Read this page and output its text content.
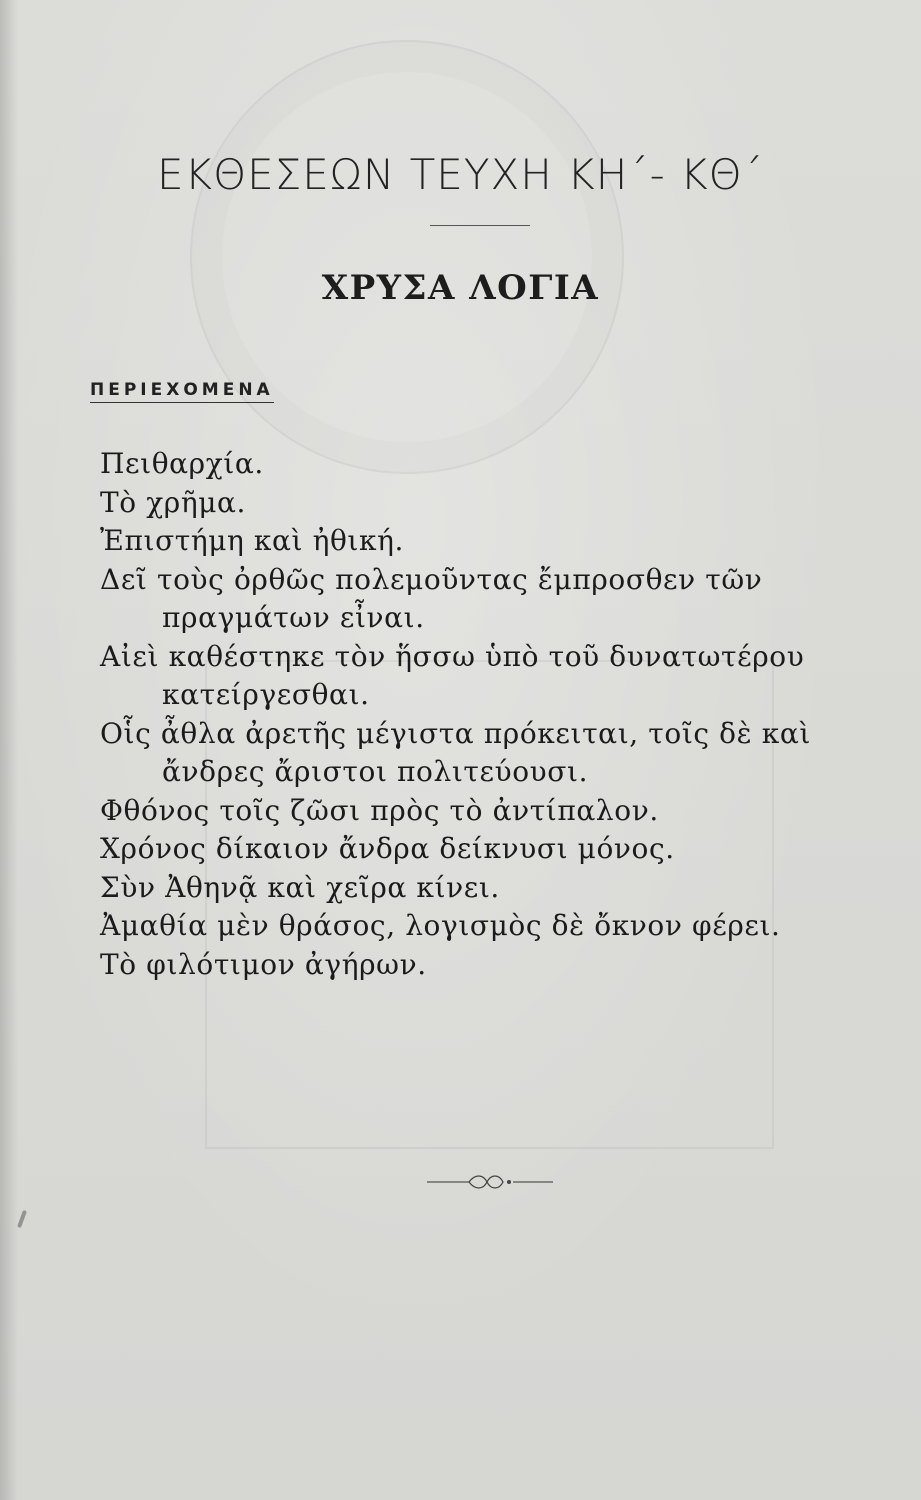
ΕΚΘΕΣΕΩΝ ΤΕΥΧΗ ΚΗ΄- ΚΘ΄
ΧΡΥΣΑ ΛΟΓΙΑ
ΠΕΡΙΕΧΟΜΕΝΑ
Πειθαρχία.
Τὸ χρῆμα.
Ἐπιστήμη καὶ ἠθική.
Δεῖ τοὺς ὀρθῶς πολεμοῦντας ἔμπροσθεν τῶν πραγμάτων εἶναι.
Αἰεὶ καθέστηκε τὸν ἥσσω ὑπὸ τοῦ δυνατωτέρου κατείργεσθαι.
Οἷς ἆθλα ἀρετῆς μέγιστα πρόκειται, τοῖς δὲ καὶ ἄνδρες ἄριστοι πολιτεύουσι.
Φθόνος τοῖς ζῶσι πρὸς τὸ ἀντίπαλον.
Χρόνος δίκαιον ἄνδρα δείκνυσι μόνος.
Σὺν Ἀθηνᾷ καὶ χεῖρα κίνει.
Ἀμαθία μὲν θράσος, λογισμὸς δὲ ὄκνον φέρει.
Τὸ φιλότιμον ἀγήρων.
